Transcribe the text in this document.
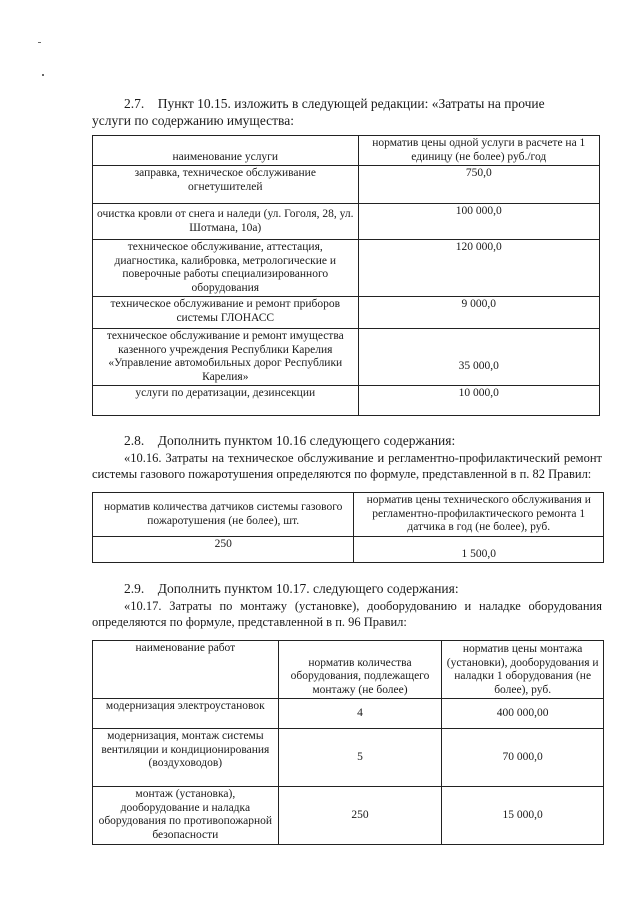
2.7. Пункт 10.15. изложить в следующей редакции: «Затраты на прочие
услуги по содержанию имущества:
наименование услуги	норматив цены одной услуги в расчете на 1 единицу (не более) руб./год
заправка, техническое обслуживание огнетушителей	750,0
очистка кровли от снега и наледи (ул. Гоголя, 28, ул. Шотмана, 10а)	100 000,0
техническое обслуживание, аттестация, диагностика, калибровка, метрологические и поверочные работы специализированного оборудования	120 000,0
техническое обслуживание и ремонт приборов системы ГЛОНАСС	9 000,0
техническое обслуживание и ремонт имущества казенного учреждения Республики Карелия «Управление автомобильных дорог Республики Карелия»	35 000,0
услуги по дератизации, дезинсекции	10 000,0
2.8. Дополнить пунктом 10.16 следующего содержания:
«10.16. Затраты на техническое обслуживание и регламентно-профилактический ремонт системы газового пожаротушения определяются по формуле, представленной в п. 82 Правил:
норматив количества датчиков системы газового пожаротушения (не более), шт.	норматив цены технического обслуживания и регламентно-профилактического ремонта 1 датчика в год (не более), руб.
250	1 500,0
2.9. Дополнить пунктом 10.17. следующего содержания:
«10.17. Затраты по монтажу (установке), дооборудованию и наладке оборудования определяются по формуле, представленной в п. 96 Правил:
наименование работ	норматив количества оборудования, подлежащего монтажу (не более)	норматив цены монтажа (установки), дооборудования и наладки 1 оборудования (не более), руб.
модернизация электроустановок	4	400 000,00
модернизация, монтаж системы вентиляции и кондиционирования (воздуховодов)	5	70 000,0
монтаж (установка), дооборудование и наладка оборудования по противопожарной безопасности	250	15 000,0
